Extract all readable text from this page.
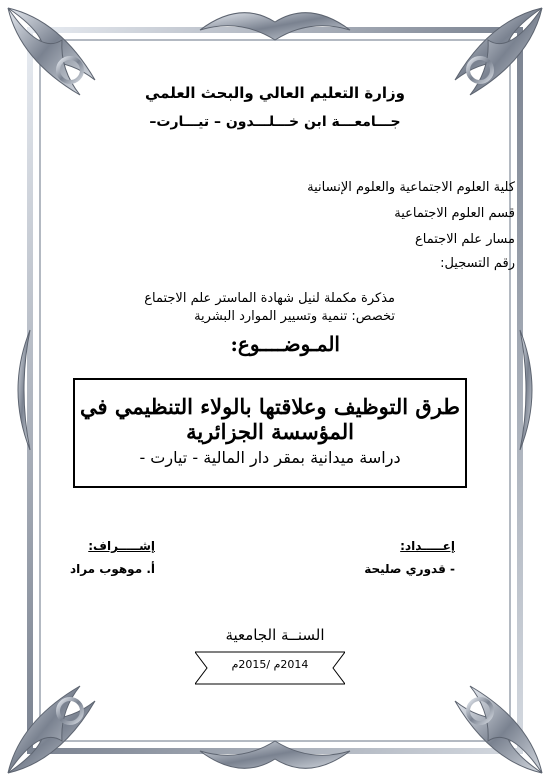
وزارة التعليم العالي والبحث العلمي
جـــامعـــة ابن خـــلـــدون – تيـــارت–
كلية العلوم الاجتماعية والعلوم الإنسانية
قسم العلوم الاجتماعية
مسار علم الاجتماع
رقم التسجيل:
مذكرة مكملة لنيل شهادة الماستر علم الاجتماع
تخصص: تنمية وتسيير الموارد البشرية
المـوضــــوع:
طرق التوظيف وعلاقتها بالولاء التنظيمي في المؤسسة الجزائرية
دراسة ميدانية بمقر دار المالية - تيارت -
إعـــــداد:
- قدوري صليحة
إشـــــراف:
أ. موهوب مراد
السنــة الجامعية
2014م /2015م
